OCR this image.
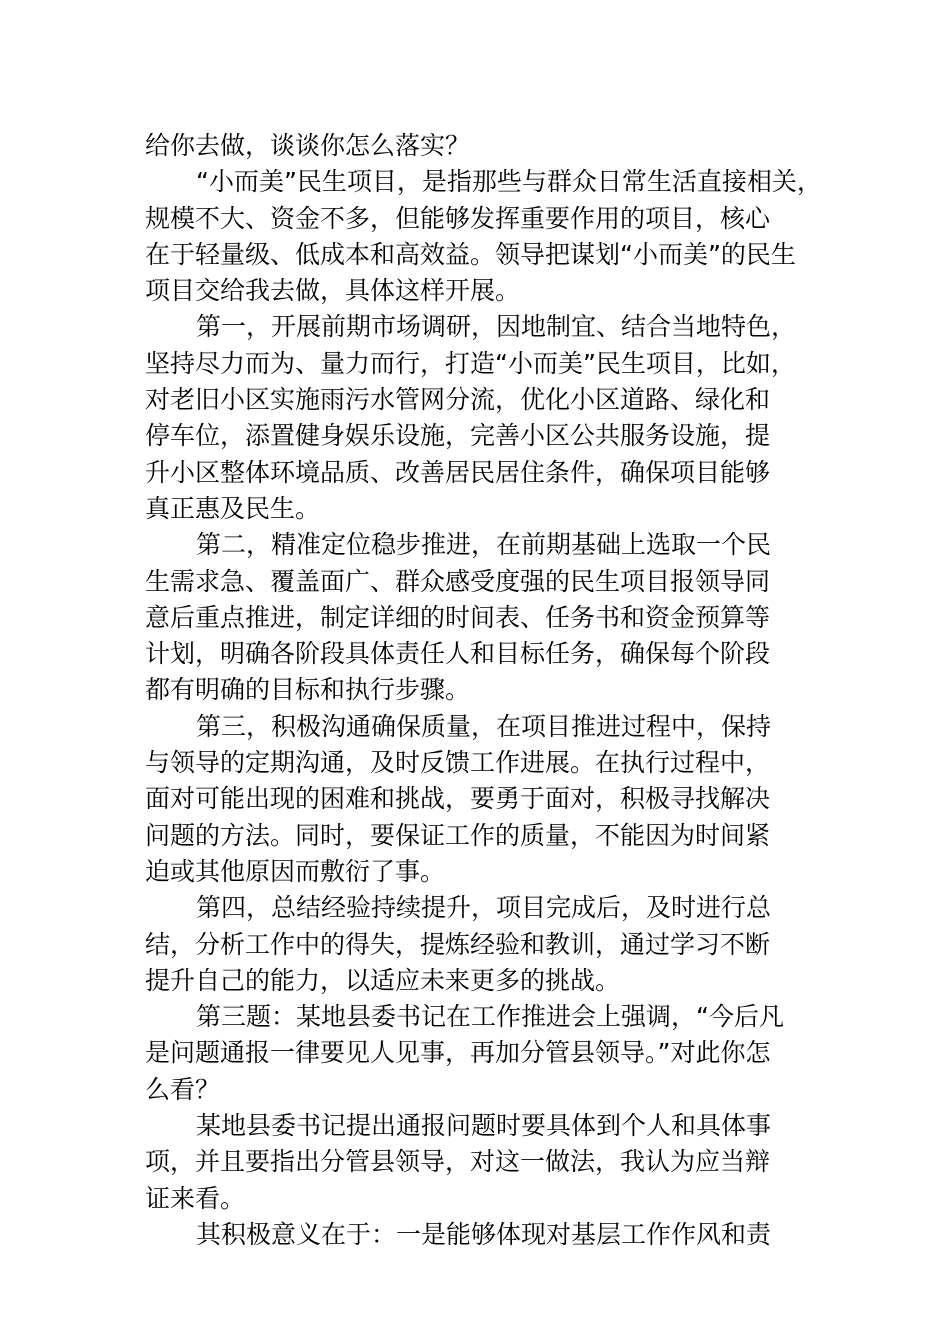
给你去做，谈谈你怎么落实？

“小而美”民生项目，是指那些与群众日常生活直接相关，
规模不大、资金不多，但能够发挥重要作用的项目，核心
在于轻量级、低成本和高效益。领导把谋划“小而美”的民生
项目交给我去做，具体这样开展。

第一，开展前期市场调研，因地制宜、结合当地特色，
坚持尽力而为、量力而行，打造“小而美”民生项目，比如，
对老旧小区实施雨污水管网分流，优化小区道路、绿化和
停车位，添置健身娱乐设施，完善小区公共服务设施，提
升小区整体环境品质、改善居民居住条件，确保项目能够
真正惠及民生。

第二，精准定位稳步推进，在前期基础上选取一个民
生需求急、覆盖面广、群众感受度强的民生项目报领导同
意后重点推进，制定详细的时间表、任务书和资金预算等
计划，明确各阶段具体责任人和目标任务，确保每个阶段
都有明确的目标和执行步骤。

第三，积极沟通确保质量，在项目推进过程中，保持
与领导的定期沟通，及时反馈工作进展。在执行过程中，
面对可能出现的困难和挑战，要勇于面对，积极寻找解决
问题的方法。同时，要保证工作的质量，不能因为时间紧
迫或其他原因而敷衍了事。

第四，总结经验持续提升，项目完成后，及时进行总
结，分析工作中的得失，提炼经验和教训，通过学习不断
提升自己的能力，以适应未来更多的挑战。

第三题：某地县委书记在工作推进会上强调，“今后凡
是问题通报一律要见人见事，再加分管县领导。”对此你怎
么看？

某地县委书记提出通报问题时要具体到个人和具体事
项，并且要指出分管县领导，对这一做法，我认为应当辩
证来看。

其积极意义在于：一是能够体现对基层工作作风和责
